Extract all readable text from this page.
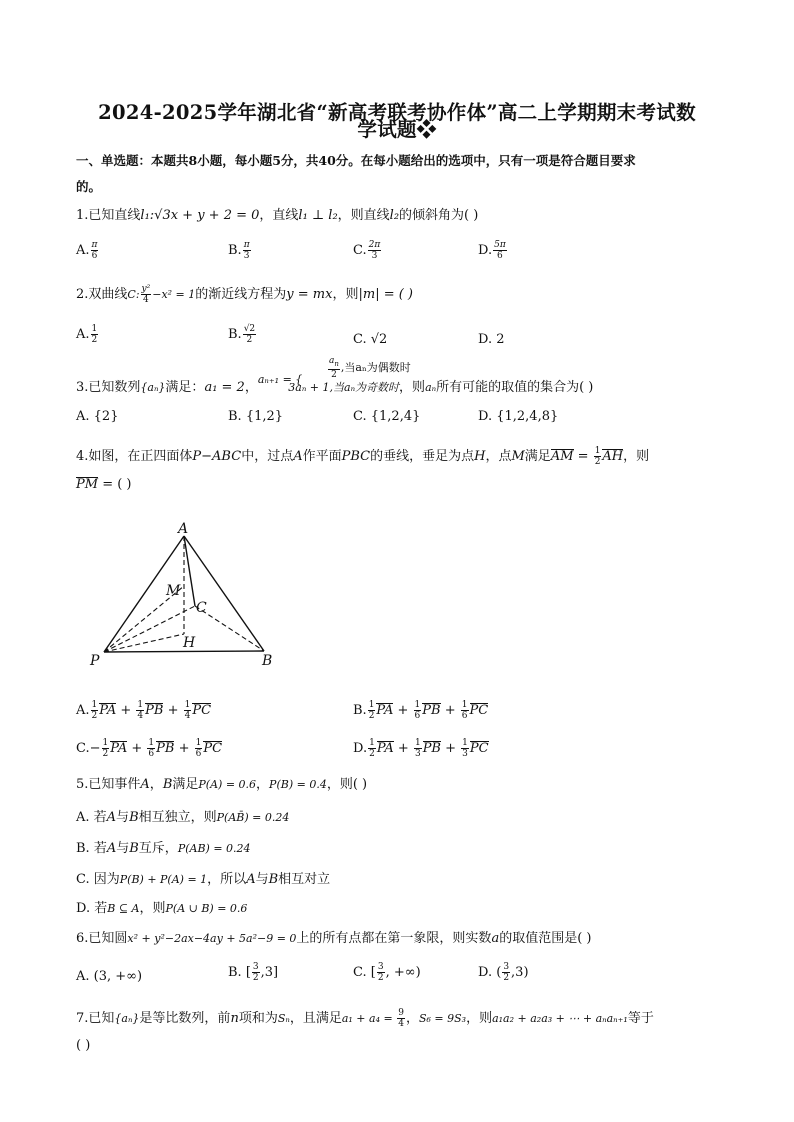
2024-2025学年湖北省“新高考联考协作体”高二上学期期末考试数
学试题❖
一、单选题：本题共8小题，每小题5分，共40分。在每小题给出的选项中，只有一项是符合题目要求
的。
1.已知直线l₁:√3x + y + 2 = 0，直线l₁ ⊥ l₂，则直线l₂的倾斜角为( )
A. $\frac{\pi}{6}$	B. $\frac{\pi}{3}$	C. $\frac{2\pi}{3}$	D. $\frac{5\pi}{6}$
2.双曲线C: $\frac{\text{y²}}{4} -x^2 = 1$的渐近线方程为y = mx，则|m| = ( )
A. $\frac{1}{2}$	B. $\frac{√2}{2}$	C. √2	D. 2
$\frac{a_n}{2}$ ,当aₙ为偶数时
3.已知数列{aₙ}满足：a₁ = 2，$^{a_{n+1} = \{}$3aₙ + 1,当aₙ为奇数时，则aₙ所有可能的取值的集合为( )
A. {2}	B. {1,2}	C. {1,2,4}	D. {1,2,4,8}
4.如图，在正四面体P−ABC中，过点A作平面PBC的垂线，垂足为点H，点M满足AM = $\frac{1}{2}$ AH，则
PM = ( )
A
M
C
H
P	B
A. $\frac{1}{2}$ PA + $\frac{1}{4}$ PB + $\frac{1}{4}$ PC	B. $\frac{1}{2}$ PA + $\frac{1}{6}$ PB + $\frac{1}{6}$ PC
$C.- \frac{1}{2}$ PA + $\frac{1}{6}$ PB + $\frac{1}{6}$ PC	D. $\frac{1}{2}$ PA + $\frac{1}{3}$ PB + $\frac{1}{3}$ PC
5.已知事件A，B满足P(A) = 0.6，P(B) = 0.4，则( )
A. 若A与B相互独立，则P(AB̄) = 0.24
B. 若A与B互斥，P(AB) = 0.24
C. 因为P(B) + P(A) = 1，所以A与B相互对立
D. 若B ⊆ A，则P(A ∪ B) = 0.6
6.已知圆x² + y²−2ax−4ay + 5a²−9 = 0上的所有点都在第一象限，则实数a的取值范围是( )
A. (3, +∞)	B. [ $\frac{3}{2} ,3$]	C. [ $\frac{3}{2}$ , +∞)	D. ( $\frac{3}{2} ,3$)
7.已知{aₙ}是等比数列，前n项和为Sₙ，且满足$a_1 + a_4 = \frac{9}{4}$ ，S₆ = 9S₃，则a₁a₂ + a₂a₃ + ⋯ + aₙaₙ₊₁等于
( )
